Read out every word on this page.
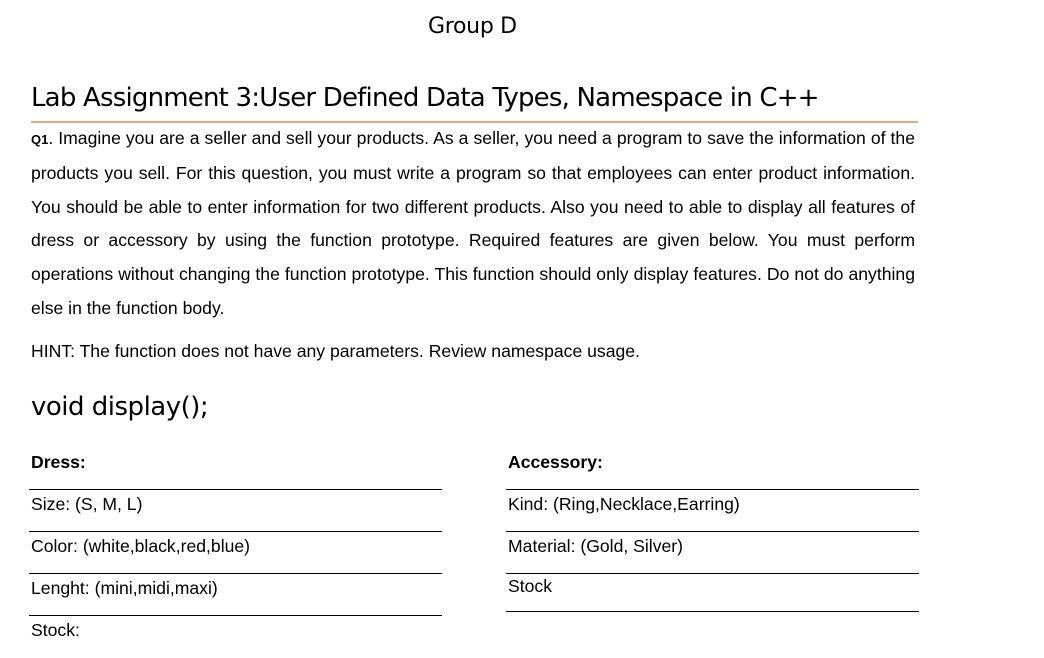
Group D
Lab Assignment 3:User Defined Data Types, Namespace in C++
Q1. Imagine you are a seller and sell your products. As a seller, you need a program to save the information of the products you sell. For this question, you must write a program so that employees can enter product information. You should be able to enter information for two different products. Also you need to able to display all features of dress or accessory by using the function prototype. Required features are given below. You must perform operations without changing the function prototype. This function should only display features. Do not do anything else in the function body.
HINT: The function does not have any parameters. Review namespace usage.
void display();
Dress:
Size: (S, M, L)
Color: (white,black,red,blue)
Lenght: (mini,midi,maxi)
Stock:
Accessory:
Kind: (Ring,Necklace,Earring)
Material: (Gold, Silver)
Stock
